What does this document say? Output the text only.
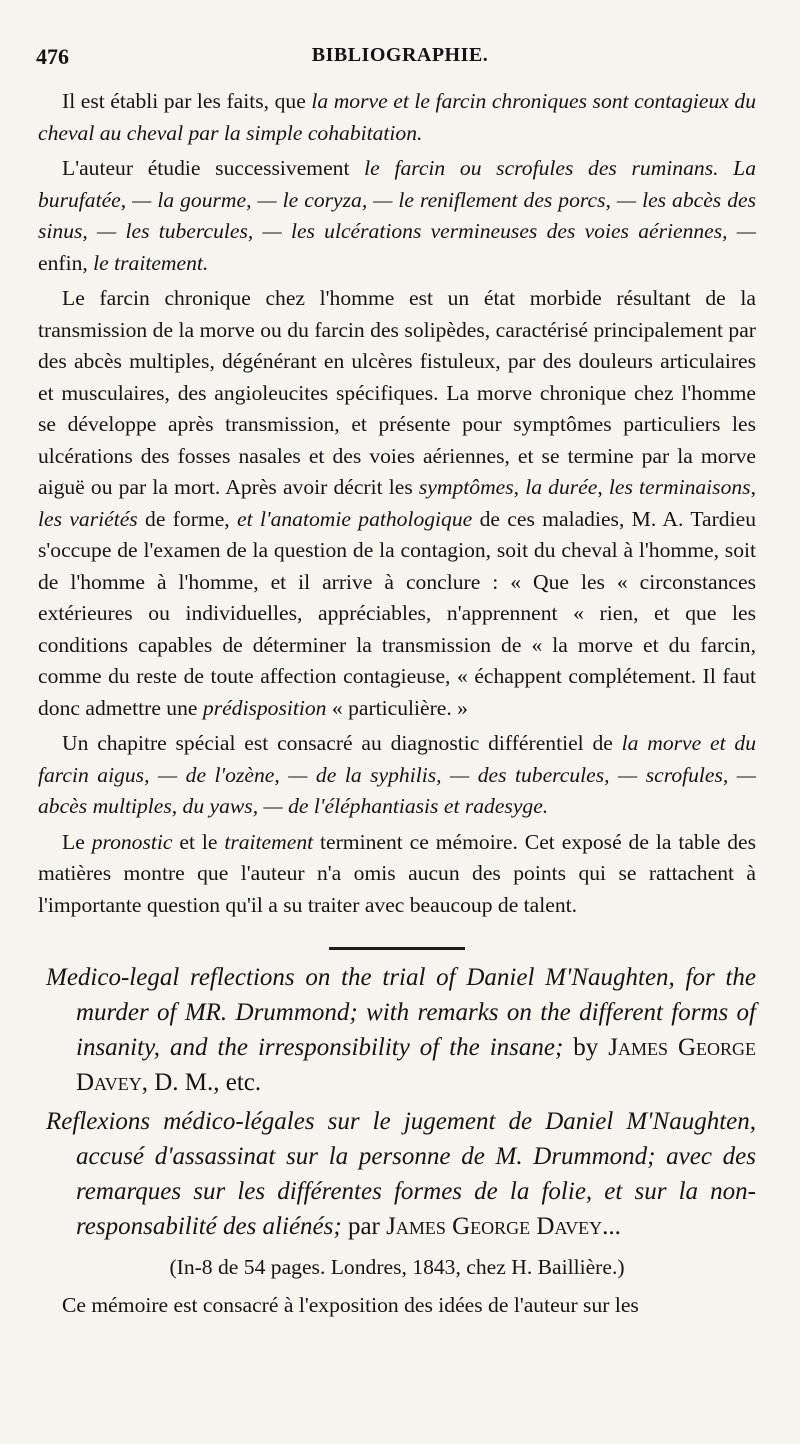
476	BIBLIOGRAPHIE.

Il est établi par les faits, que la morve et le farcin chroniques sont contagieux du cheval au cheval par la simple cohabitation.

L'auteur étudie successivement le farcin ou scrofules des ruminans. La burufatée, — la gourme, — le coryza, — le reniflement des porcs, — les abcès des sinus, — les tubercules, — les ulcérations vermineuses des voies aériennes, — enfin, le traitement.

Le farcin chronique chez l'homme est un état morbide résultant de la transmission de la morve ou du farcin des solipèdes, caractérisé principalement par des abcès multiples, dégénérant en ulcères fistuleux, par des douleurs articulaires et musculaires, des angioleucites spécifiques. La morve chronique chez l'homme se développe après transmission, et présente pour symptômes particuliers les ulcérations des fosses nasales et des voies aériennes, et se termine par la morve aiguë ou par la mort. Après avoir décrit les symptômes, la durée, les terminaisons, les variétés de forme, et l'anatomie pathologique de ces maladies, M. A. Tardieu s'occupe de l'examen de la question de la contagion, soit du cheval à l'homme, soit de l'homme à l'homme, et il arrive à conclure : « Que les « circonstances extérieures ou individuelles, appréciables, n'apprennent « rien, et que les conditions capables de déterminer la transmission de « la morve et du farcin, comme du reste de toute affection contagieuse, « échappent complétement. Il faut donc admettre une prédisposition « particulière. »

Un chapitre spécial est consacré au diagnostic différentiel de la morve et du farcin aigus, — de l'ozène, — de la syphilis, — des tubercules, — scrofules, — abcès multiples, du yaws, — de l'éléphantiasis et radesyge.

Le pronostic et le traitement terminent ce mémoire. Cet exposé de la table des matières montre que l'auteur n'a omis aucun des points qui se rattachent à l'importante question qu'il a su traiter avec beaucoup de talent.

Medico-legal reflections on the trial of Daniel M'Naughten, for the murder of MR. Drummond; with remarks on the different forms of insanity, and the irresponsibility of the insane; by James George Davey, D. M., etc.

Reflexions médico-légales sur le jugement de Daniel M'Naughten, accusé d'assassinat sur la personne de M. Drummond; avec des remarques sur les différentes formes de la folie, et sur la non-responsabilité des aliénés; par James George Davey...

(In-8 de 54 pages. Londres, 1843, chez H. Baillière.)

Ce mémoire est consacré à l'exposition des idées de l'auteur sur les
